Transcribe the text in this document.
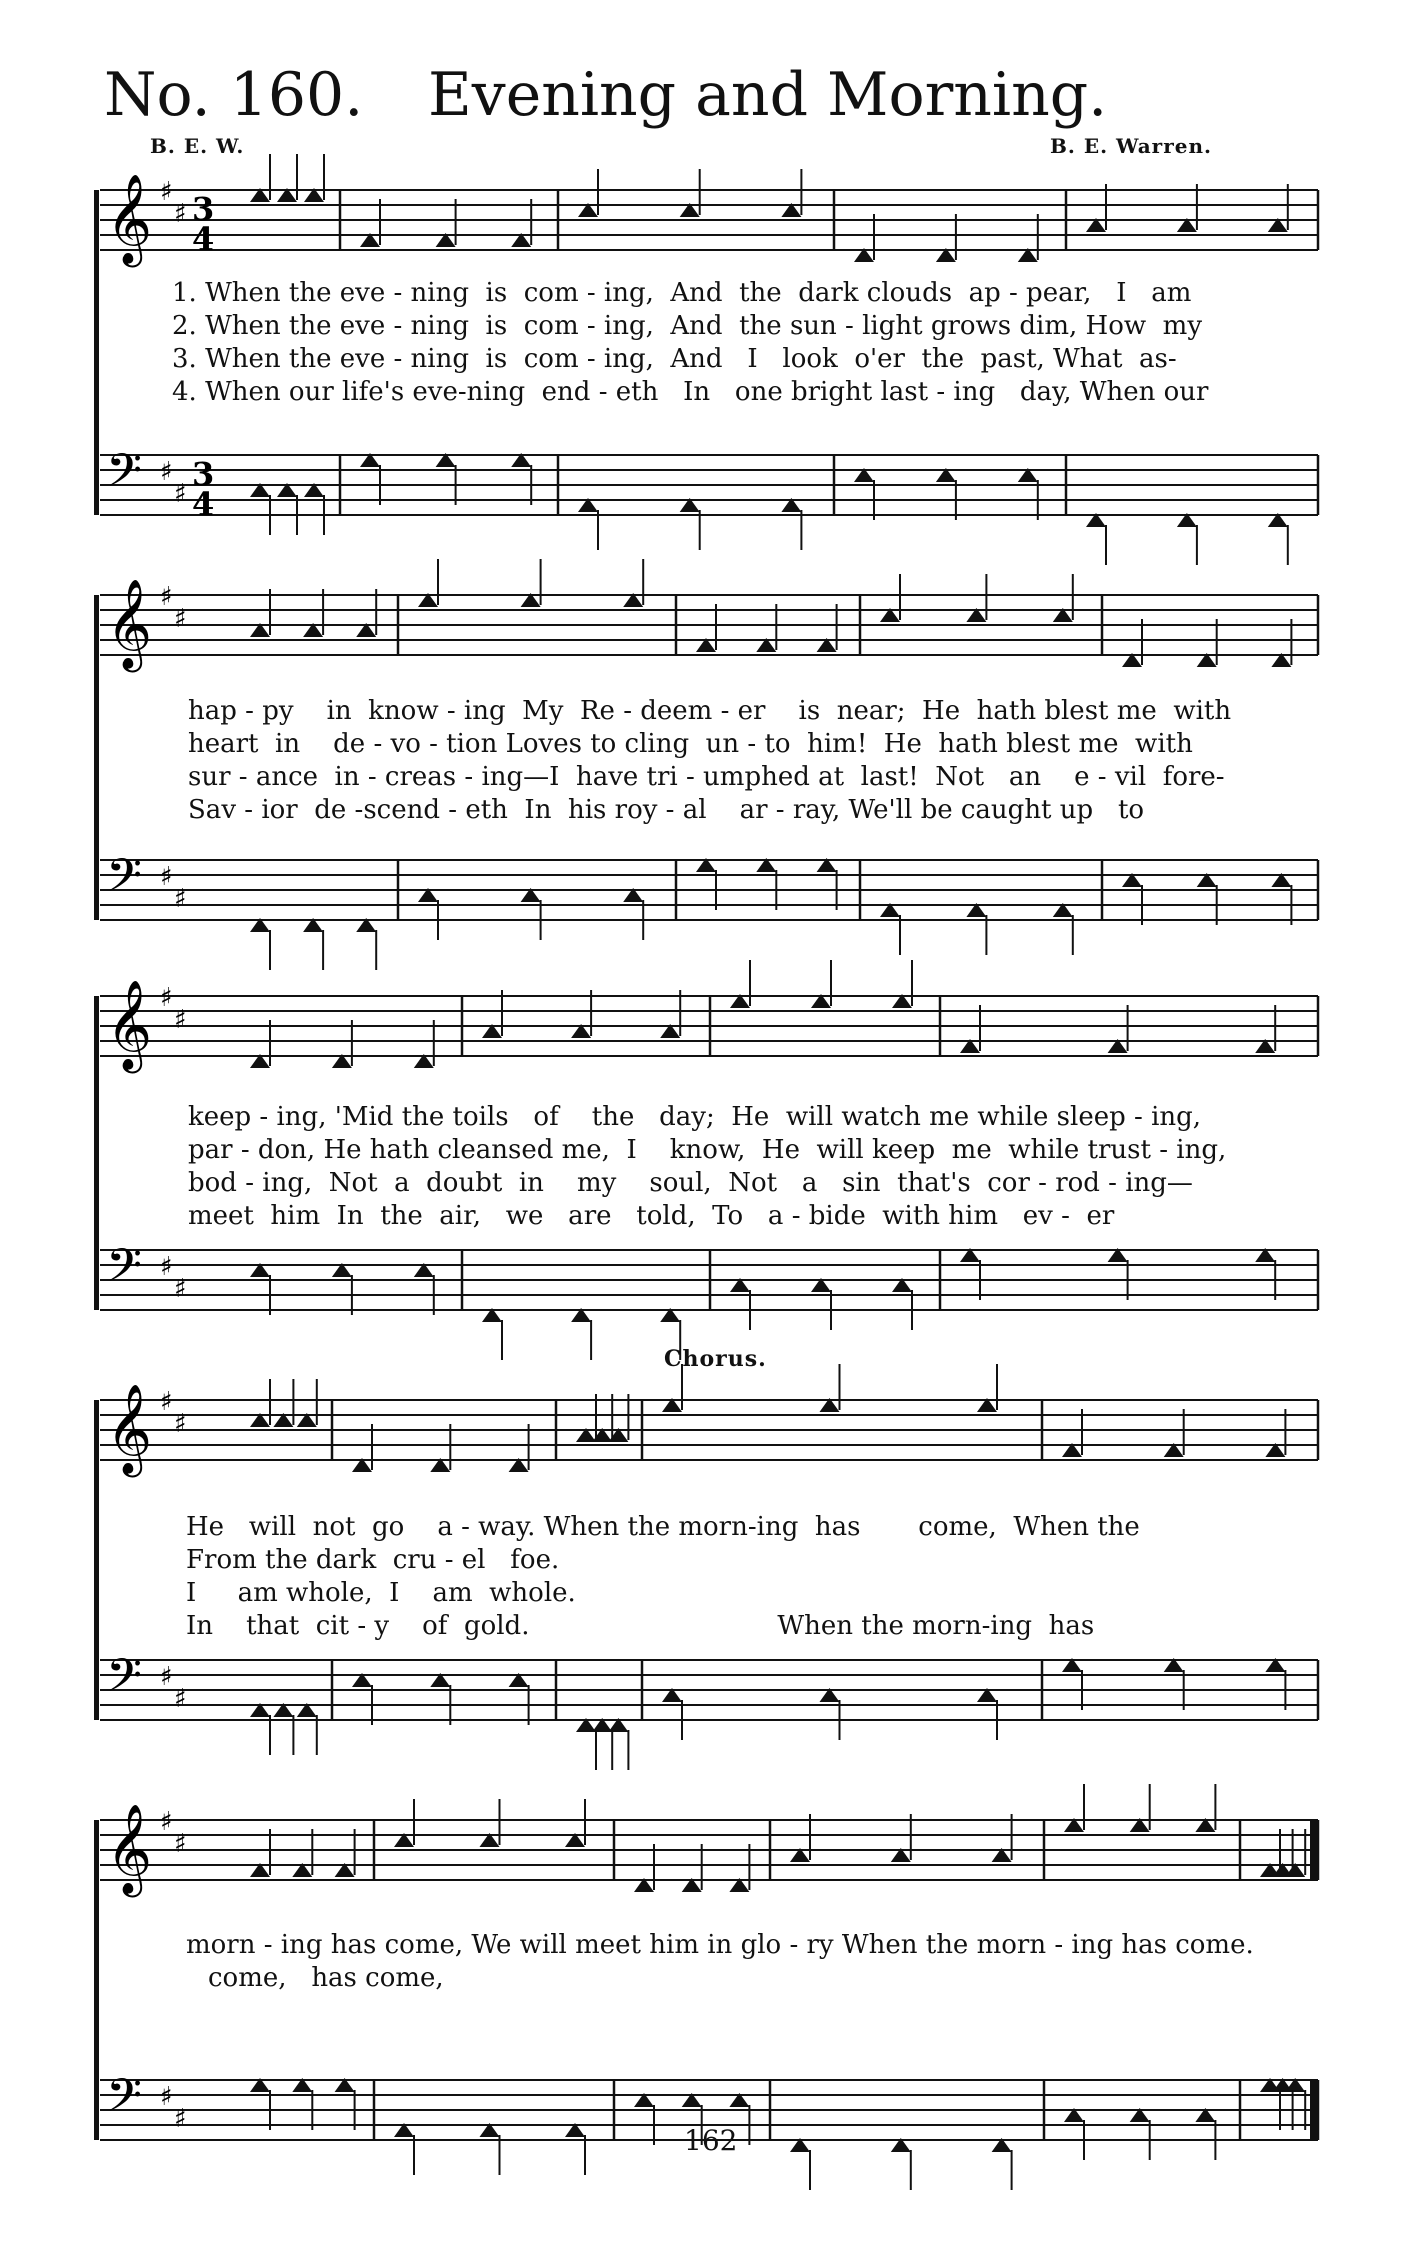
No. 160. Evening and Morning.
B. E. W.	B. E. Warren.
𝄞 ♯
♯ 3
4
𝄢 ♯
♯
3
4
𝄞 ♯
♯
𝄢 ♯
♯
𝄞 ♯
♯
𝄢 ♯
♯
𝄞 ♯
♯
𝄢 ♯
♯
𝄞 ♯
♯
𝄢 ♯
♯
1. When the eve - ning  is  com - ing,  And  the  dark clouds  ap - pear,   I   am
2. When the eve - ning  is  com - ing,  And  the sun - light grows dim, How  my
3. When the eve - ning  is  com - ing,  And   I   look  o'er  the  past, What  as-
4. When our life's eve-ning  end - eth   In   one bright last - ing   day, When our
hap - py    in  know - ing  My  Re - deem - er    is  near;  He  hath blest me  with
heart  in    de - vo - tion Loves to cling  un - to  him!  He  hath blest me  with
sur - ance  in - creas - ing—I  have tri - umphed at  last!  Not   an    e - vil  fore-
Sav - ior  de -scend - eth  In  his roy - al    ar - ray, We'll be caught up   to
keep - ing, 'Mid the toils   of    the   day;  He  will watch me while sleep - ing,
par - don, He hath cleansed me,  I    know,  He  will keep  me  while trust - ing,
bod - ing,  Not  a  doubt  in    my    soul,  Not   a   sin  that's  cor - rod - ing—
meet  him  In  the  air,   we   are   told,  To   a - bide  with him   ev -  er
He   will  not  go    a - way. When the morn-ing  has       come,  When the
From the dark  cru - el   foe.
I     am whole,  I    am  whole.
In    that  cit - y    of  gold.                              When the morn-ing  has
morn - ing has come, We will meet him in glo - ry When the morn - ing has come.
come,   has come,
Chorus.
162
